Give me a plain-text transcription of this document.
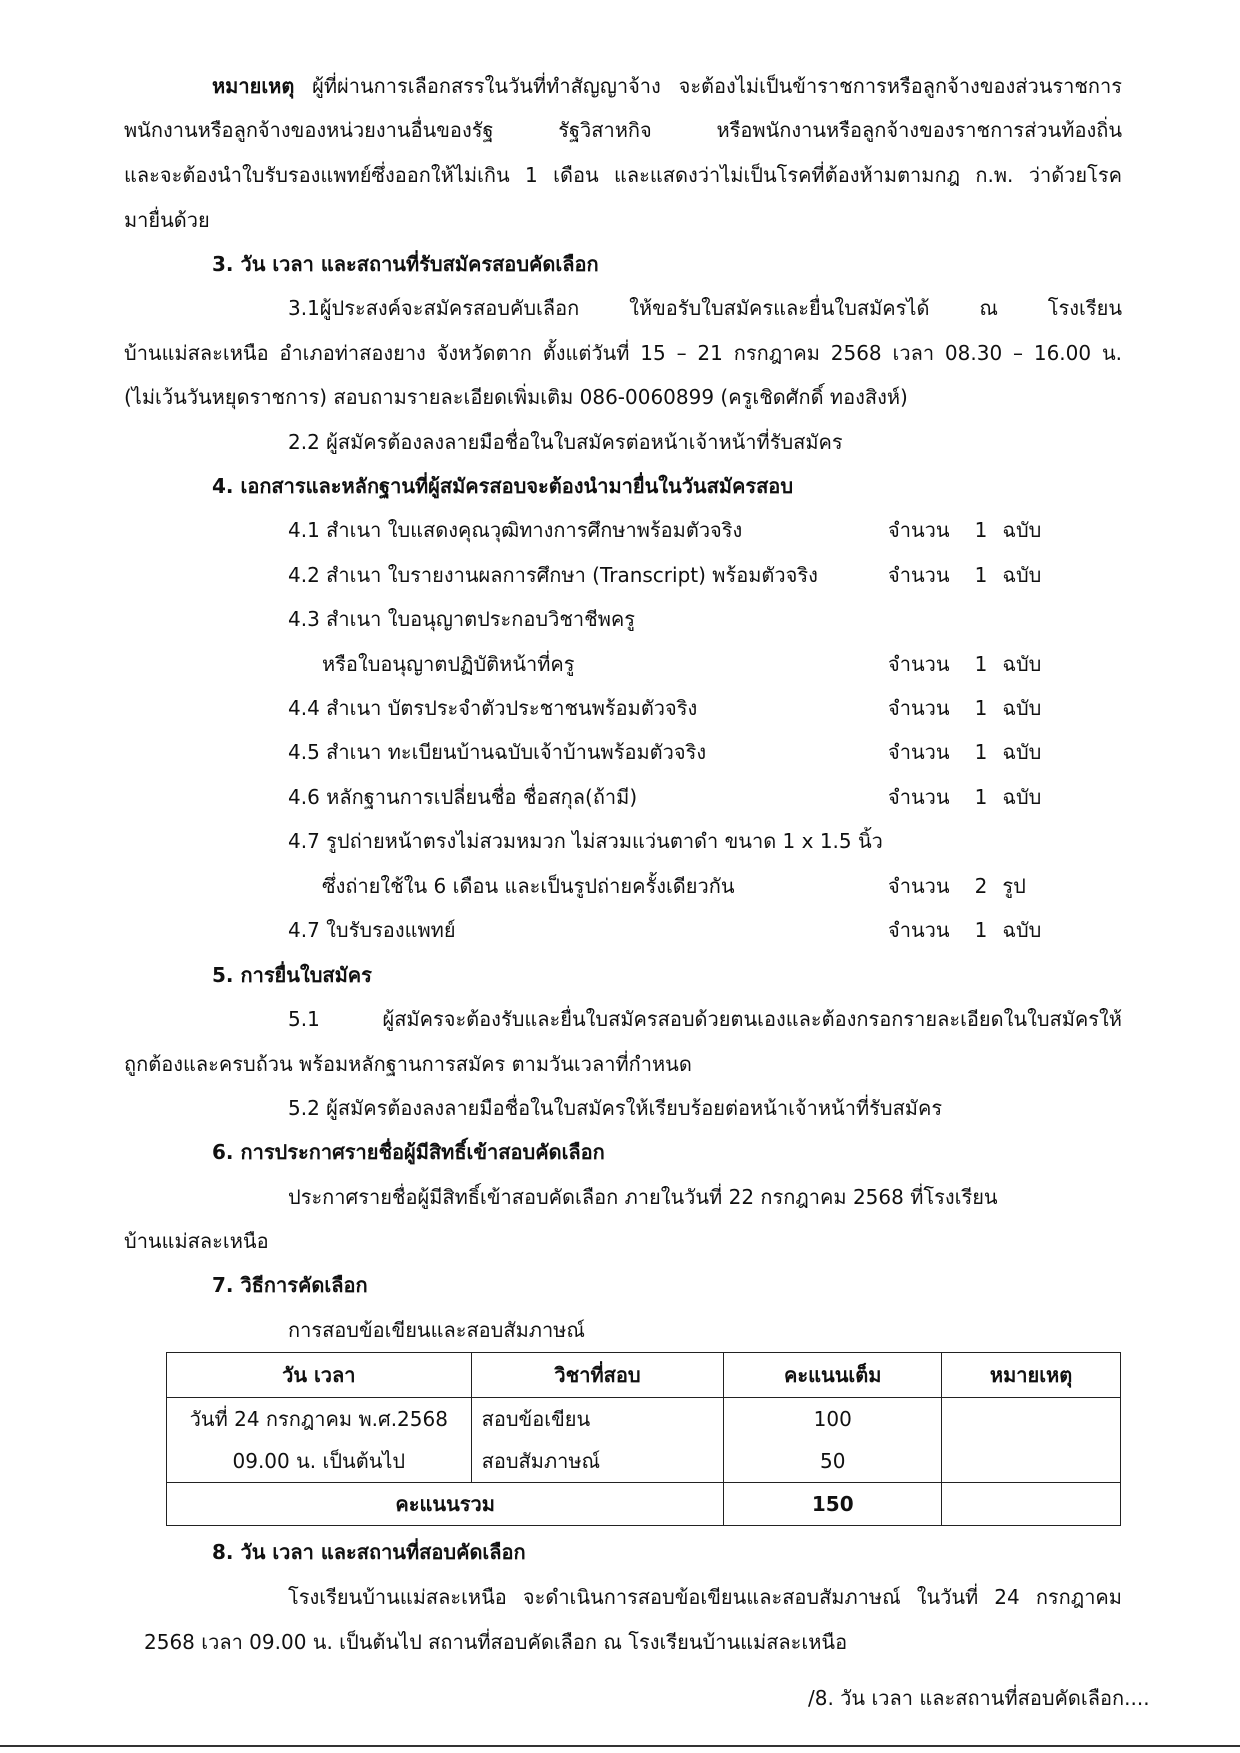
หมายเหตุ ผู้ที่ผ่านการเลือกสรรในวันที่ทำสัญญาจ้าง จะต้องไม่เป็นข้าราชการหรือลูกจ้างของส่วนราชการ
พนักงานหรือลูกจ้างของหน่วยงานอื่นของรัฐ รัฐวิสาหกิจ หรือพนักงานหรือลูกจ้างของราชการส่วนท้องถิ่น
และจะต้องนำใบรับรองแพทย์ซึ่งออกให้ไม่เกิน 1 เดือน และแสดงว่าไม่เป็นโรคที่ต้องห้ามตามกฎ ก.พ. ว่าด้วยโรค
มายื่นด้วย
3. วัน เวลา และสถานที่รับสมัครสอบคัดเลือก
3.1ผู้ประสงค์จะสมัครสอบคับเลือก ให้ขอรับใบสมัครและยื่นใบสมัครได้ ณ โรงเรียน
บ้านแม่สละเหนือ อำเภอท่าสองยาง จังหวัดตาก ตั้งแต่วันที่ 15 – 21 กรกฎาคม 2568 เวลา 08.30 – 16.00 น.
(ไม่เว้นวันหยุดราชการ) สอบถามรายละเอียดเพิ่มเติม 086-0060899 (ครูเชิดศักดิ์ ทองสิงห์)
2.2 ผู้สมัครต้องลงลายมือชื่อในใบสมัครต่อหน้าเจ้าหน้าที่รับสมัคร
4. เอกสารและหลักฐานที่ผู้สมัครสอบจะต้องนำมายื่นในวันสมัครสอบ
4.1 สำเนา ใบแสดงคุณวุฒิทางการศึกษาพร้อมตัวจริง	จำนวน 1 ฉบับ
4.2 สำเนา ใบรายงานผลการศึกษา (Transcript) พร้อมตัวจริง	จำนวน 1 ฉบับ
4.3 สำเนา ใบอนุญาตประกอบวิชาชีพครู
หรือใบอนุญาตปฏิบัติหน้าที่ครู	จำนวน 1 ฉบับ
4.4 สำเนา บัตรประจำตัวประชาชนพร้อมตัวจริง	จำนวน 1 ฉบับ
4.5 สำเนา ทะเบียนบ้านฉบับเจ้าบ้านพร้อมตัวจริง	จำนวน 1 ฉบับ
4.6 หลักฐานการเปลี่ยนชื่อ ชื่อสกุล(ถ้ามี)	จำนวน 1 ฉบับ
4.7 รูปถ่ายหน้าตรงไม่สวมหมวก ไม่สวมแว่นตาดำ ขนาด 1 x 1.5 นิ้ว
ซึ่งถ่ายใช้ใน 6 เดือน และเป็นรูปถ่ายครั้งเดียวกัน	จำนวน 2 รูป
4.7 ใบรับรองแพทย์	จำนวน 1 ฉบับ
5. การยื่นใบสมัคร
5.1 ผู้สมัครจะต้องรับและยื่นใบสมัครสอบด้วยตนเองและต้องกรอกรายละเอียดในใบสมัครให้
ถูกต้องและครบถ้วน พร้อมหลักฐานการสมัคร ตามวันเวลาที่กำหนด
5.2 ผู้สมัครต้องลงลายมือชื่อในใบสมัครให้เรียบร้อยต่อหน้าเจ้าหน้าที่รับสมัคร
6. การประกาศรายชื่อผู้มีสิทธิ์เข้าสอบคัดเลือก
ประกาศรายชื่อผู้มีสิทธิ์เข้าสอบคัดเลือก ภายในวันที่ 22 กรกฎาคม 2568 ที่โรงเรียน
บ้านแม่สละเหนือ
7. วิธีการคัดเลือก
การสอบข้อเขียนและสอบสัมภาษณ์
วัน เวลา	วิชาที่สอบ	คะแนนเต็ม	หมายเหตุ
วันที่ 24 กรกฎาคม พ.ศ.2568	สอบข้อเขียน	100	
09.00 น. เป็นต้นไป	สอบสัมภาษณ์	50	
คะแนนรวม		150	
8. วัน เวลา และสถานที่สอบคัดเลือก
โรงเรียนบ้านแม่สละเหนือ จะดำเนินการสอบข้อเขียนและสอบสัมภาษณ์ ในวันที่ 24 กรกฎาคม
2568 เวลา 09.00 น. เป็นต้นไป สถานที่สอบคัดเลือก ณ โรงเรียนบ้านแม่สละเหนือ
/8. วัน เวลา และสถานที่สอบคัดเลือก....
